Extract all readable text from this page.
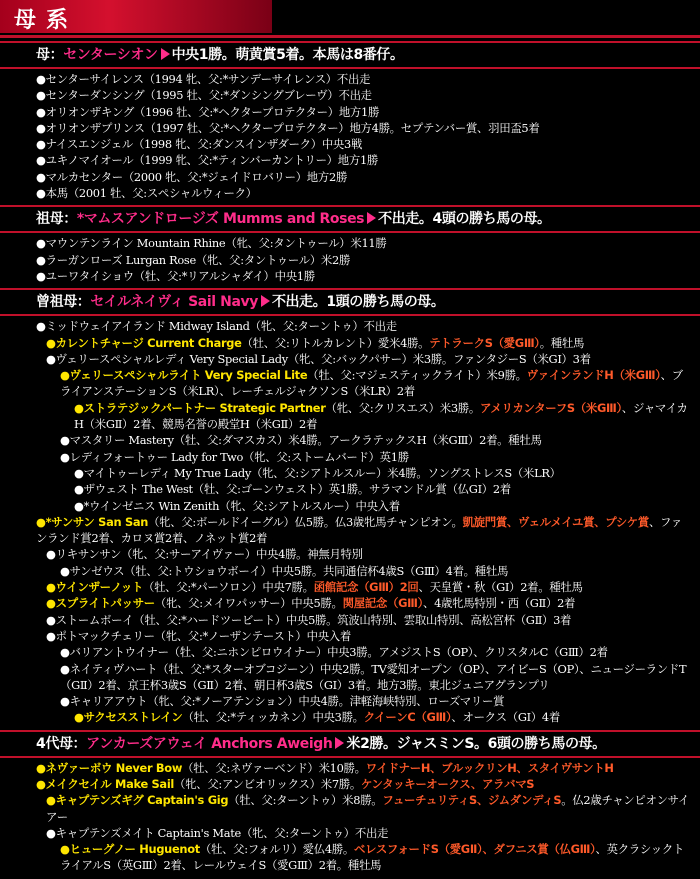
母系
母：センターシオン 中央1勝。萌黄賞5着。本馬は8番仔。
●センターサイレンス（1994 牝、父:*サンデーサイレンス）不出走
●センターダンシング（1995 牡、父:*ダンシングブレーヴ）不出走
●オリオンザキング（1996 牡、父:*ヘクタープロテクター）地方1勝
●オリオンザプリンス（1997 牡、父:*ヘクタープロテクター）地方4勝。セプテンバー賞、羽田盃5着
●ナイスエンジェル（1998 牝、父:ダンスインザダーク）中央3戦
●ユキノマイオール（1999 牝、父:*ティンバーカントリー）地方1勝
●マルカセンター（2000 牝、父:*ジェイドロバリー）地方2勝
●本馬（2001 牡、父:スペシャルウィーク）
祖母：*マムスアンドロージズ Mumms and Roses 不出走。4頭の勝ち馬の母。
●マウンテンライン Mountain Rhine（牝、父:タントゥール）米11勝
●ラーガンローズ Lurgan Rose（牝、父:タントゥール）米2勝
●ユーワタイショウ（牡、父:*リアルシャダイ）中央1勝
曾祖母：セイルネイヴィ Sail Navy 不出走。1頭の勝ち馬の母。
●ミッドウェイアイランド Midway Island（牝、父:ターントゥ）不出走
●カレントチャージ Current Charge（牡、父:リトルカレント）愛米4勝。テトラークS（愛GⅢ）。種牡馬
●ヴェリースペシャルレディ Very Special Lady（牝、父:バックパサー）米3勝。ファンタジーS（米GⅠ）3着
●ヴェリースペシャルライト Very Special Lite（牡、父:マジェスティックライト）米9勝。ヴァインランドH（米GⅢ）、ブライアンステーションS（米LR）、レーチェルジャクソンS（米LR）2着
●ストラテジックパートナー Strategic Partner（牝、父:クリスエス）米3勝。アメリカンターフS（米GⅢ）、ジャマイカH（米GⅡ）2着、競馬名誉の殿堂H（米GⅡ）2着
●マスタリー Mastery（牡、父:ダマスカス）米4勝。アークラテックスH（米GⅢ）2着。種牡馬
●レディフォートゥー Lady for Two（牝、父:ストームバード）英1勝
●マイトゥーレディ My True Lady（牝、父:シアトルスルー）米4勝。ソングストレスS（米LR）
●ザウェスト The West（牡、父:ゴーンウェスト）英1勝。サラマンドル賞（仏GⅠ）2着
●*ウインゼニス Win Zenith（牝、父:シアトルスルー）中央入着
●*サンサン San San（牝、父:ボールドイーグル）仏5勝。仏3歳牝馬チャンピオン。凱旋門賞、ヴェルメイユ賞、プシケ賞、ファンランド賞2着、カロヌ賞2着、ノネット賞2着
●リキサンサン（牝、父:サーアイヴァー）中央4勝。神無月特別
●サンゼウス（牡、父:トウショウボーイ）中央5勝。共同通信杯4歳S（GⅢ）4着。種牡馬
●ウインザーノット（牡、父:*パーソロン）中央7勝。函館記念（GⅢ）2回、天皇賞・秋（GⅠ）2着。種牡馬
●スプライトパッサー（牝、父:メイワパッサー）中央5勝。関屋記念（GⅢ）、4歳牝馬特別・西（GⅡ）2着
●ストームボーイ（牡、父:*ハードツービート）中央5勝。筑波山特別、雲取山特別、高松宮杯（GⅡ）3着
●ポトマックチェリー（牝、父:*ノーザンテースト）中央入着
●バリアントウイナー（牡、父:ニホンピロウイナー）中央3勝。アメジストS（OP）、クリスタルC（GⅢ）2着
●ネイティヴハート（牡、父:*スターオブコジーン）中央2勝。TV愛知オープン（OP）、アイビーS（OP）、ニュージーランドT（GⅡ）2着、京王杯3歳S（GⅡ）2着、朝日杯3歳S（GⅠ）3着。地方3勝。東北ジュニアグランプリ
●キャリアアウト（牝、父:*ノーアテンション）中央4勝。津軽海峡特別、ローズマリー賞
●サクセスストレイン（牡、父:*ティッカネン）中央3勝。クイーンC（GⅢ）、オークス（GⅠ）4着
4代母：アンカーズアウェイ Anchors Aweigh 米2勝。ジャスミンS。6頭の勝ち馬の母。
●ネヴァーボウ Never Bow（牡、父:ネヴァーベンド）米10勝。ワイドナーH、ブルックリンH、スタイヴサントH
●メイクセイル Make Sail（牝、父:アンビオリックス）米7勝。ケンタッキーオークス、アラバマS
●キャプテンズギグ Captain's Gig（牡、父:ターントゥ）米8勝。フューチュリティS、ジムダンディS。仏2歳チャンピオンサイアー
●キャプテンズメイト Captain's Mate（牝、父:ターントゥ）不出走
●ヒューグノー Huguenot（牡、父:フォルリ）愛仏4勝。ベレスフォードS（愛GⅡ）、ダフニス賞（仏GⅢ）、英クラシックトライアルS（英GⅢ）2着、レールウェイS（愛GⅢ）2着。種牡馬
